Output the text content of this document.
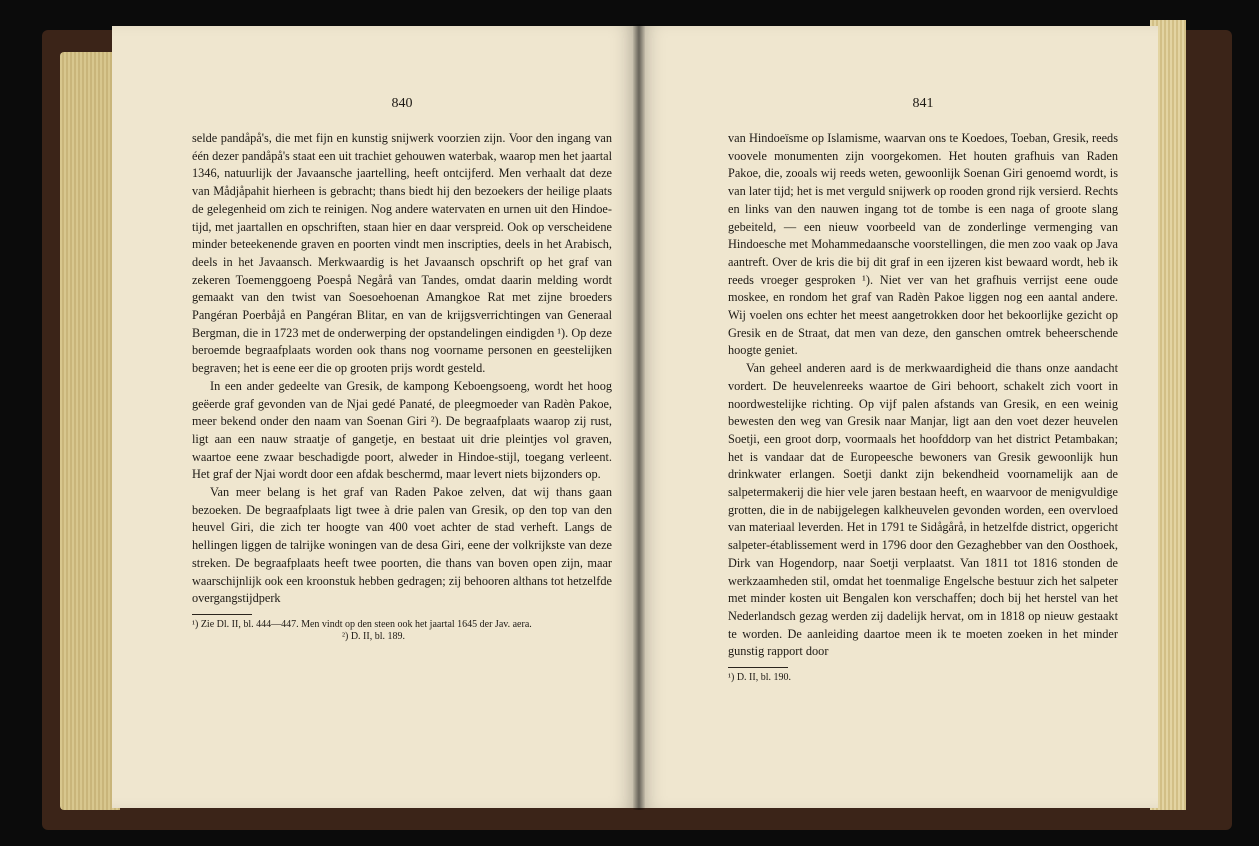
840

selde pandåpå's, die met fijn en kunstig snijwerk voorzien zijn. Voor den ingang van één dezer pandåpå's staat een uit trachiet gehouwen waterbak, waarop men het jaartal 1346, natuurlijk der Javaansche jaartelling, heeft ontcijferd. Men verhaalt dat deze van Mådjåpahit hierheen is gebracht; thans biedt hij den bezoekers der heilige plaats de gelegenheid om zich te reinigen. Nog andere watervaten en urnen uit den Hindoe-tijd, met jaartallen en opschriften, staan hier en daar verspreid. Ook op verscheidene minder beteekenende graven en poorten vindt men inscripties, deels in het Arabisch, deels in het Javaansch. Merkwaardig is het Javaansch opschrift op het graf van zekeren Toemenggoeng Poespå Negårå van Tandes, omdat daarin melding wordt gemaakt van den twist van Soesoehoenan Amangkoe Rat met zijne broeders Pangéran Poerbåjå en Pangéran Blitar, en van de krijgsverrichtingen van Generaal Bergman, die in 1723 met de onderwerping der opstandelingen eindigden ¹). Op deze beroemde begraafplaats worden ook thans nog voorname personen en geestelijken begraven; het is eene eer die op grooten prijs wordt gesteld.

In een ander gedeelte van Gresik, de kampong Keboengsoeng, wordt het hoog geëerde graf gevonden van de Njai gedé Panaté, de pleegmoeder van Radèn Pakoe, meer bekend onder den naam van Soenan Giri ²). De begraafplaats waarop zij rust, ligt aan een nauw straatje of gangetje, en bestaat uit drie pleintjes vol graven, waartoe eene zwaar beschadigde poort, alweder in Hindoe-stijl, toegang verleent. Het graf der Njai wordt door een afdak beschermd, maar levert niets bijzonders op.

Van meer belang is het graf van Raden Pakoe zelven, dat wij thans gaan bezoeken. De begraafplaats ligt twee à drie palen van Gresik, op den top van den heuvel Giri, die zich ter hoogte van 400 voet achter de stad verheft. Langs de hellingen liggen de talrijke woningen van de desa Giri, eene der volkrijkste van deze streken. De begraafplaats heeft twee poorten, die thans van boven open zijn, maar waarschijnlijk ook een kroonstuk hebben gedragen; zij behooren althans tot hetzelfde overgangstijdperk

¹) Zie Dl. II, bl. 444—447. Men vindt op den steen ook het jaartal 1645 der Jav. aera.
²) D. II, bl. 189.
841

van Hindoeïsme op Islamisme, waarvan ons te Koedoes, Toeban, Gresik, reeds voovele monumenten zijn voorgekomen. Het houten grafhuis van Raden Pakoe, die, zooals wij reeds weten, gewoonlijk Soenan Giri genoemd wordt, is van later tijd; het is met verguld snijwerk op rooden grond rijk versierd. Rechts en links van den nauwen ingang tot de tombe is een naga of groote slang gebeiteld, — een nieuw voorbeeld van de zonderlinge vermenging van Hindoesche met Mohammedaansche voorstellingen, die men zoo vaak op Java aantreft. Over de kris die bij dit graf in een ijzeren kist bewaard wordt, heb ik reeds vroeger gesproken ¹). Niet ver van het grafhuis verrijst eene oude moskee, en rondom het graf van Radèn Pakoe liggen nog een aantal andere. Wij voelen ons echter het meest aangetrokken door het bekoorlijke gezicht op Gresik en de Straat, dat men van deze, den ganschen omtrek beheerschende hoogte geniet.

Van geheel anderen aard is de merkwaardigheid die thans onze aandacht vordert. De heuvelenreeks waartoe de Giri behoort, schakelt zich voort in noordwestelijke richting. Op vijf palen afstands van Gresik, en een weinig bewesten den weg van Gresik naar Manjar, ligt aan den voet dezer heuvelen Soetji, een groot dorp, voormaals het hoofddorp van het district Petambakan; het is vandaar dat de Europeesche bewoners van Gresik gewoonlijk hun drinkwater erlangen. Soetji dankt zijn bekendheid voornamelijk aan de salpetermakerij die hier vele jaren bestaan heeft, en waarvoor de menigvuldige grotten, die in de nabijgelegen kalkheuvelen gevonden worden, een overvloed van materiaal leverden. Het in 1791 te Sidågårå, in hetzelfde district, opgericht salpeter-établissement werd in 1796 door den Gezaghebber van den Oosthoek, Dirk van Hogendorp, naar Soetji verplaatst. Van 1811 tot 1816 stonden de werkzaamheden stil, omdat het toenmalige Engelsche bestuur zich het salpeter met minder kosten uit Bengalen kon verschaffen; doch bij het herstel van het Nederlandsch gezag werden zij dadelijk hervat, om in 1818 op nieuw gestaakt te worden. De aanleiding daartoe meen ik te moeten zoeken in het minder gunstig rapport door

¹) D. II, bl. 190.
